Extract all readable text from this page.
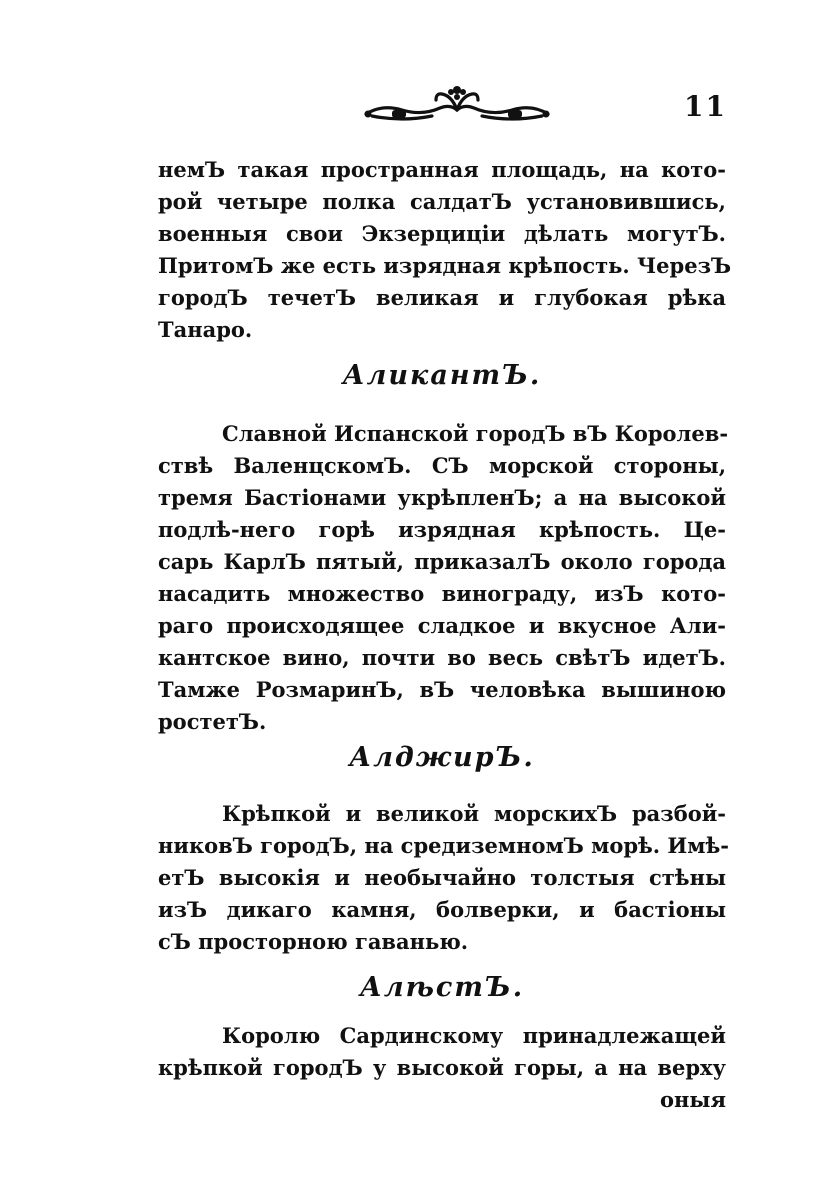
11
немЪ такая пространная площадь, на кото-
рой четыре полка салдатЪ установившись,
военныя свои Экзерциціи дѣлать могутЪ.
ПритомЪ же есть изрядная крѣпость. ЧерезЪ
городЪ течетЪ великая и глубокая рѣка
Танаро.
АликантЪ.
Славной Испанской городЪ вЪ Королев-
ствѣ ВаленцскомЪ. СЪ морской стороны,
тремя Бастіонами укрѣпленЪ; а на высокой
подлѣ-него горѣ изрядная крѣпость. Це-
сарь КарлЪ пятый, приказалЪ около города
насадить множество винограду, изЪ кото-
раго происходящее сладкое и вкусное Али-
кантское вино, почти во весь свѣтЪ идетЪ.
Тамже РозмаринЪ, вЪ человѣка вышиною
ростетЪ.
АлджирЪ.
Крѣпкой и великой морскихЪ разбой-
никовЪ городЪ, на средиземномЪ морѣ. Имѣ-
етЪ высокія и необычайно толстыя стѣны
изЪ дикаго камня, болверки, и бастіоны
сЪ просторною гаванью.
АлѣстЪ.
Королю Сардинскому принадлежащей
крѣпкой городЪ у высокой горы, а на верху
оныя
